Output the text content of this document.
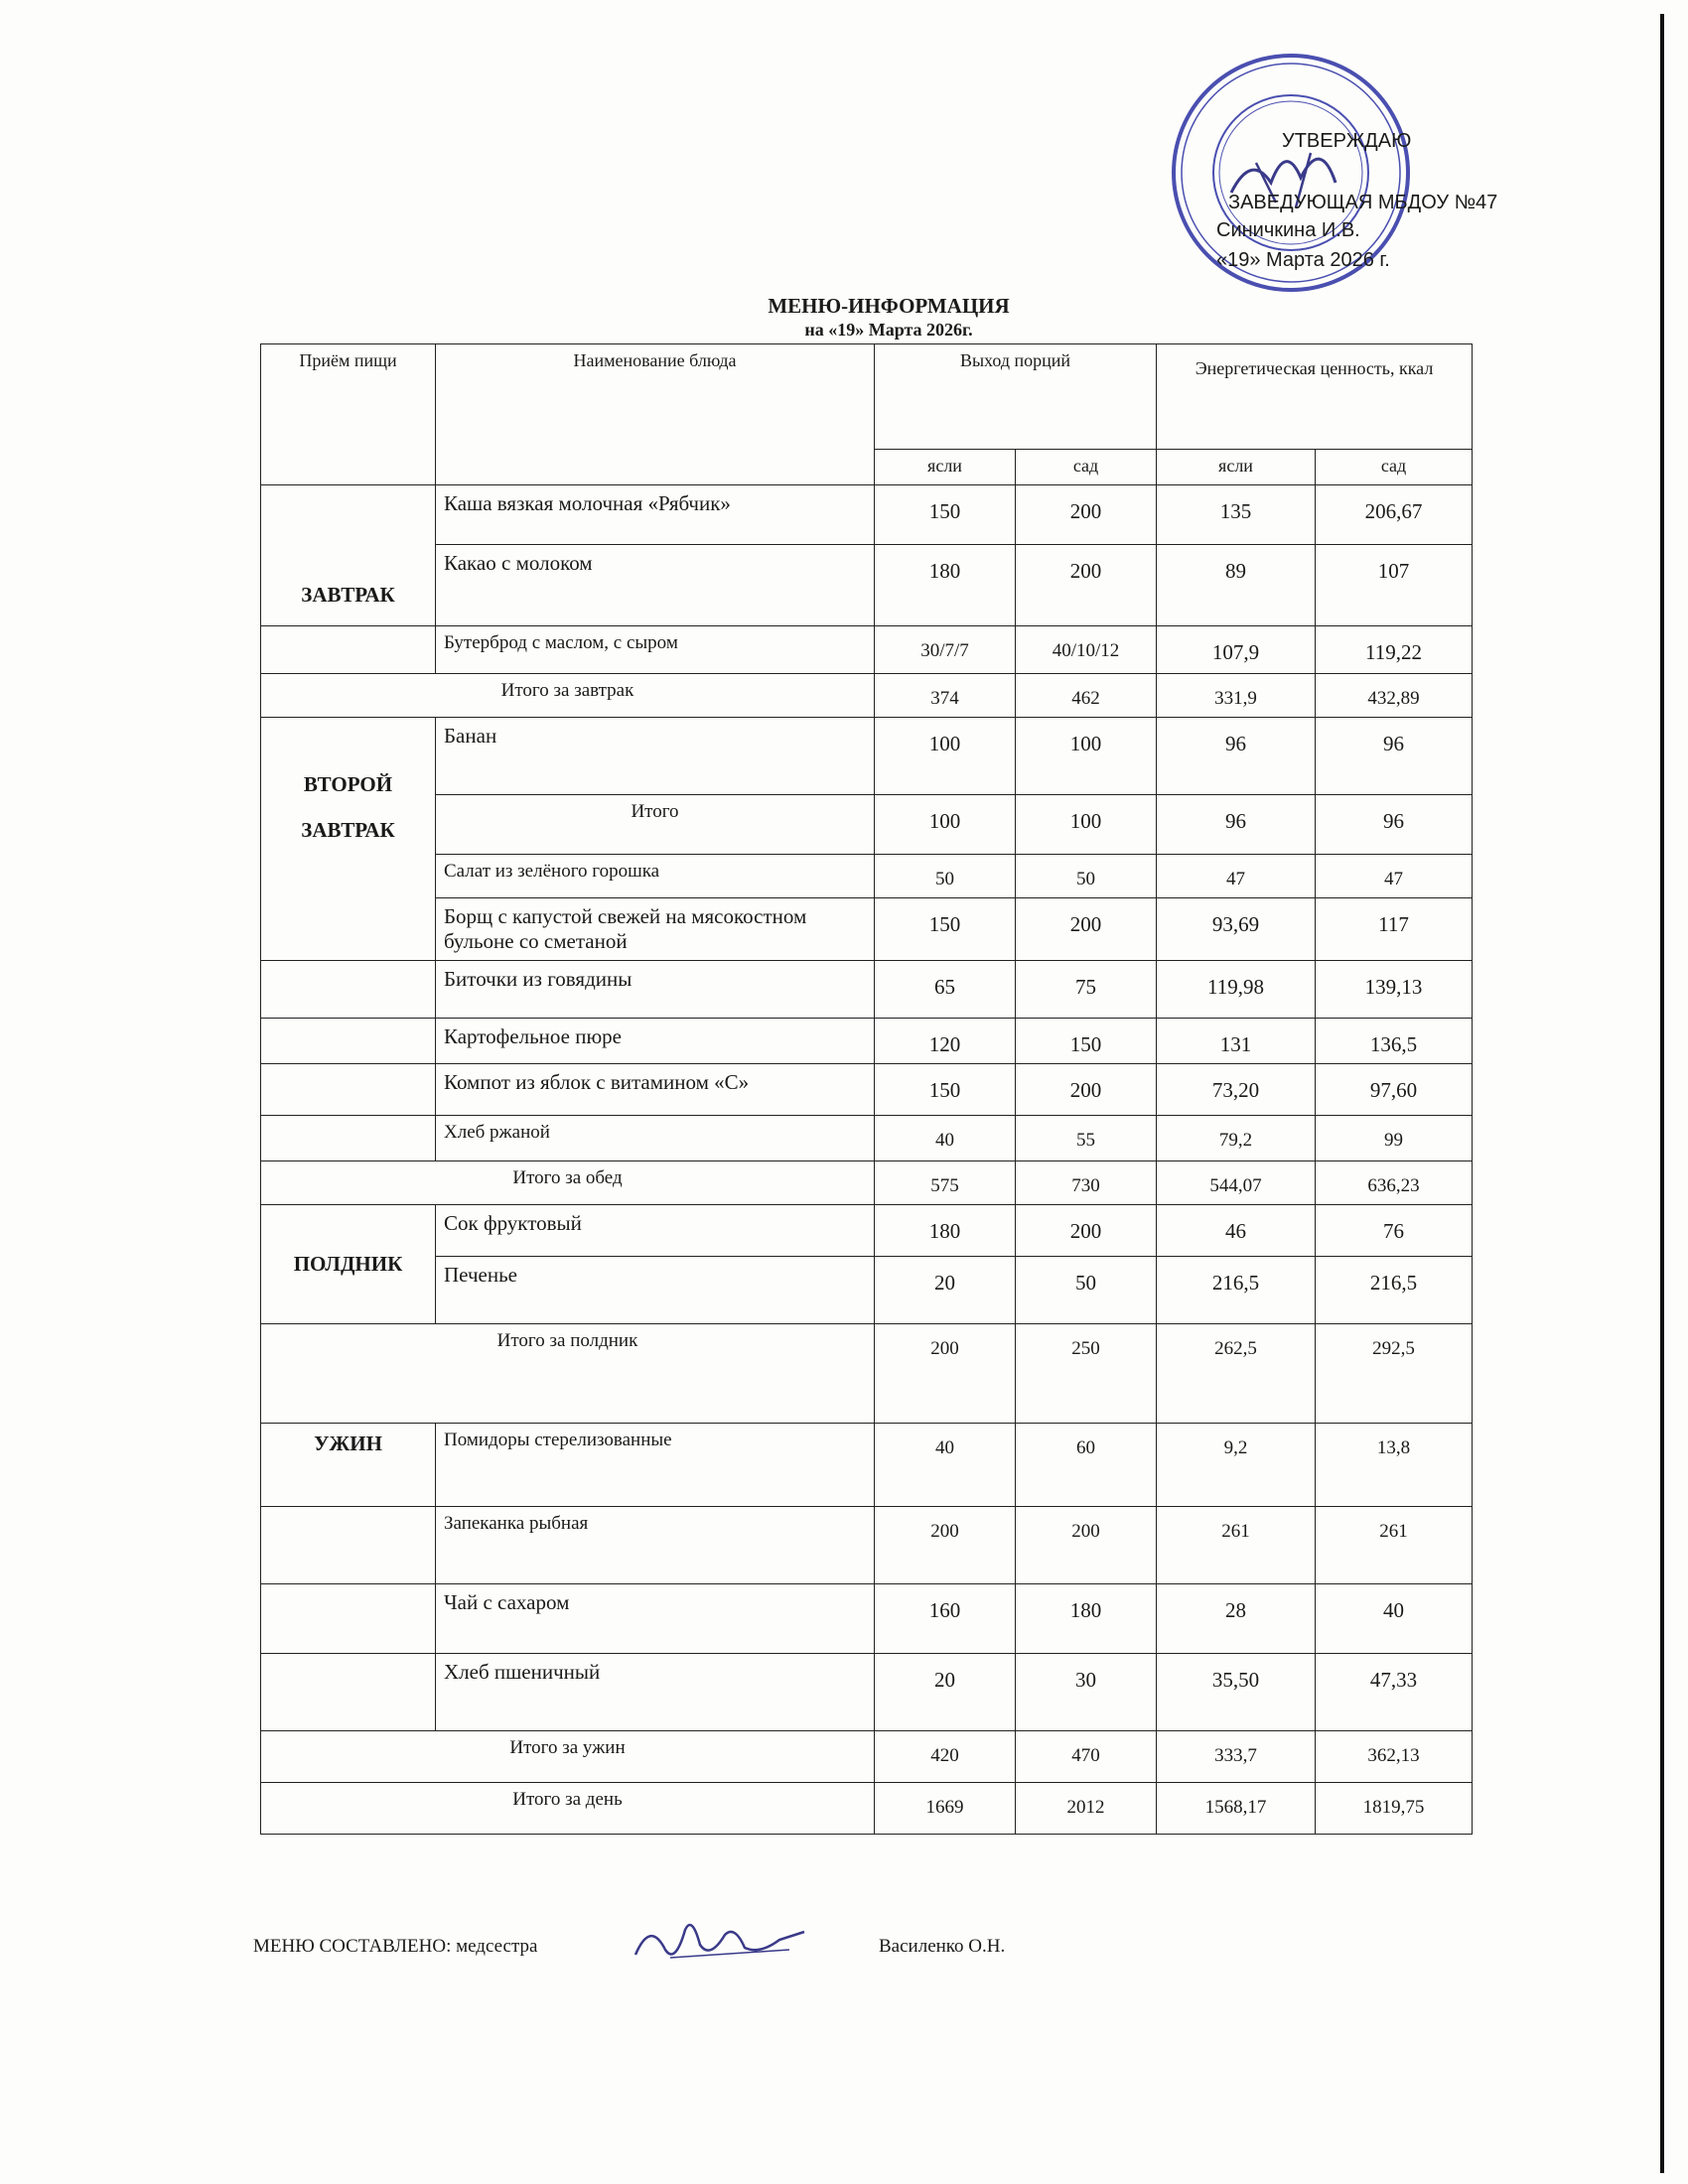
УТВЕРЖДАЮ
ЗАВЕДУЮЩАЯ МБДОУ №47
Синичкина И.В.
«19» Марта 2026 г.
МЕНЮ-ИНФОРМАЦИЯ
на «19» Марта 2026г.
Приём пищи	Наименование блюда	Выход порций		Энергетическая ценность, ккал	
		ясли	сад	ясли	сад
ЗАВТРАК	Каша вязкая молочная «Рябчик»	150	200	135	206,67
	Какао с молоком	180	200	89	107
	Бутерброд с маслом, с сыром	30/7/7	40/10/12	107,9	119,22
Итого за завтрак		374	462	331,9	432,89
ВТОРОЙ
ЗАВТРАК	Банан	100	100	96	96
	Итого	100	100	96	96
	Салат из зелёного горошка	50	50	47	47
	Борщ с капустой свежей на мясокостном бульоне со сметаной	150	200	93,69	117
	Биточки из говядины	65	75	119,98	139,13
	Картофельное пюре	120	150	131	136,5
	Компот из яблок с витамином «С»	150	200	73,20	97,60
	Хлеб ржаной	40	55	79,2	99
Итого за обед		575	730	544,07	636,23
ПОЛДНИК	Сок фруктовый	180	200	46	76
	Печенье	20	50	216,5	216,5
Итого за полдник		200	250	262,5	292,5
УЖИН	Помидоры стерелизованные	40	60	9,2	13,8
	Запеканка рыбная	200	200	261	261
	Чай с сахаром	160	180	28	40
	Хлеб пшеничный	20	30	35,50	47,33
Итого за ужин		420	470	333,7	362,13
Итого за день		1669	2012	1568,17	1819,75
МЕНЮ СОСТАВЛЕНО: медсестра	Василенко О.Н.
